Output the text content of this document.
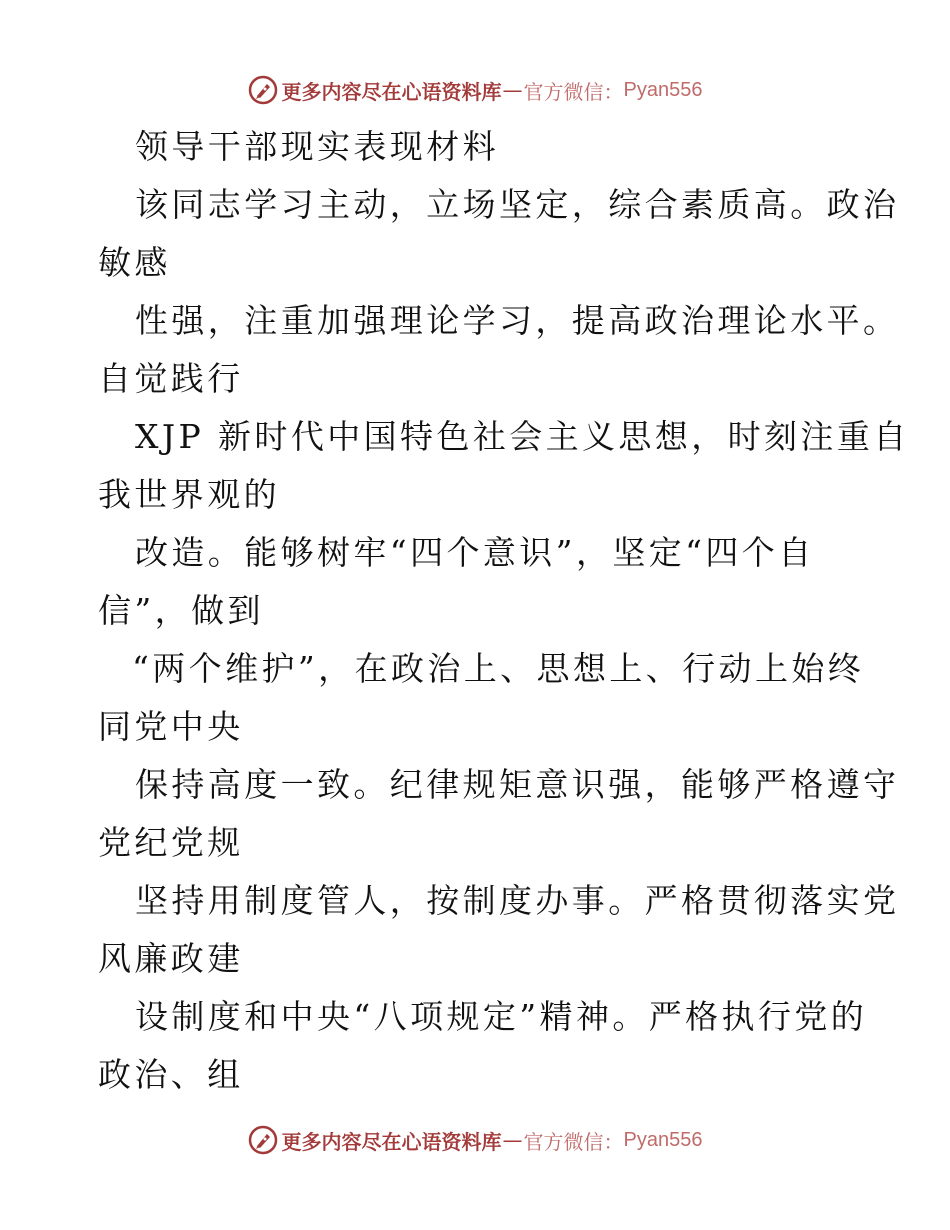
更多内容尽在心语资料库 — 官方微信： Pyan556
领导干部现实表现材料
该同志学习主动，立场坚定，综合素质高。政治
敏感
性强，注重加强理论学习，提高政治理论水平。
自觉践行
XJP 新时代中国特色社会主义思想，时刻注重自
我世界观的
改造。能够树牢“四个意识”，坚定“四个自
信”，做到
“两个维护”，在政治上、思想上、行动上始终
同党中央
保持高度一致。纪律规矩意识强，能够严格遵守
党纪党规
坚持用制度管人，按制度办事。严格贯彻落实党
风廉政建
设制度和中央“八项规定”精神。严格执行党的
政治、组
更多内容尽在心语资料库 — 官方微信： Pyan556
